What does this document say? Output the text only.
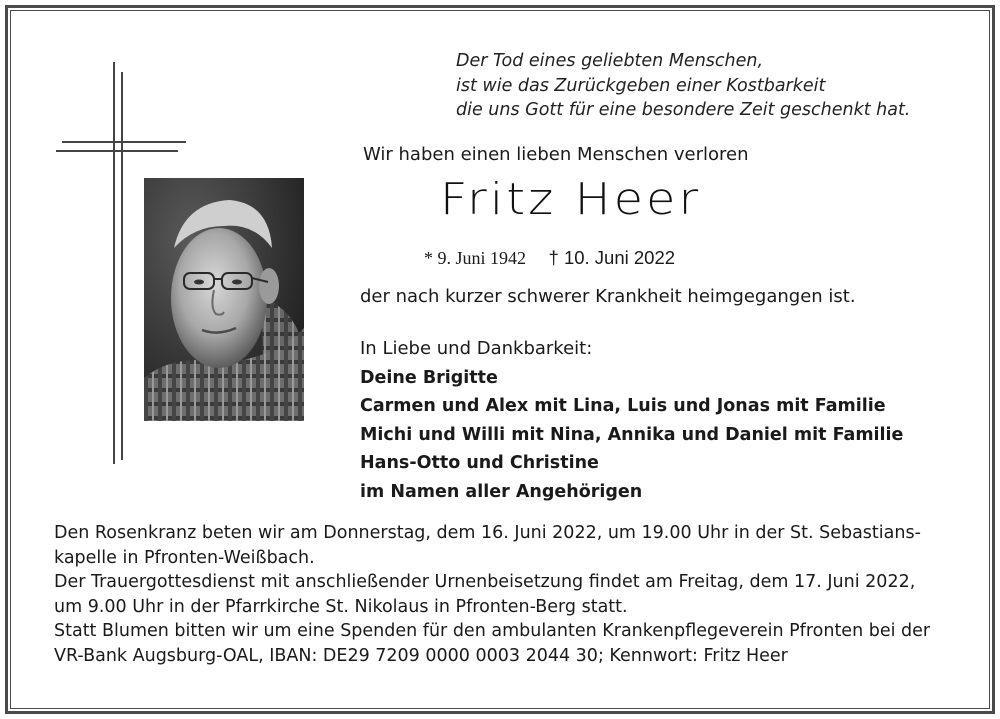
Der Tod eines geliebten Menschen,
ist wie das Zurückgeben einer Kostbarkeit
die uns Gott für eine besondere Zeit geschenkt hat.
Wir haben einen lieben Menschen verloren
Fritz Heer
* 9. Juni 1942 † 10. Juni 2022
der nach kurzer schwerer Krankheit heimgegangen ist.
In Liebe und Dankbarkeit:
Deine Brigitte
Carmen und Alex mit Lina, Luis und Jonas mit Familie
Michi und Willi mit Nina, Annika und Daniel mit Familie
Hans-Otto und Christine
im Namen aller Angehörigen
Den Rosenkranz beten wir am Donnerstag, dem 16. Juni 2022, um 19.00 Uhr in der St. Sebastians-
kapelle in Pfronten-Weißbach.
Der Trauergottesdienst mit anschließender Urnenbeisetzung findet am Freitag, dem 17. Juni 2022,
um 9.00 Uhr in der Pfarrkirche St. Nikolaus in Pfronten-Berg statt.
Statt Blumen bitten wir um eine Spenden für den ambulanten Krankenpflegeverein Pfronten bei der
VR-Bank Augsburg-OAL, IBAN: DE29 7209 0000 0003 2044 30; Kennwort: Fritz Heer
